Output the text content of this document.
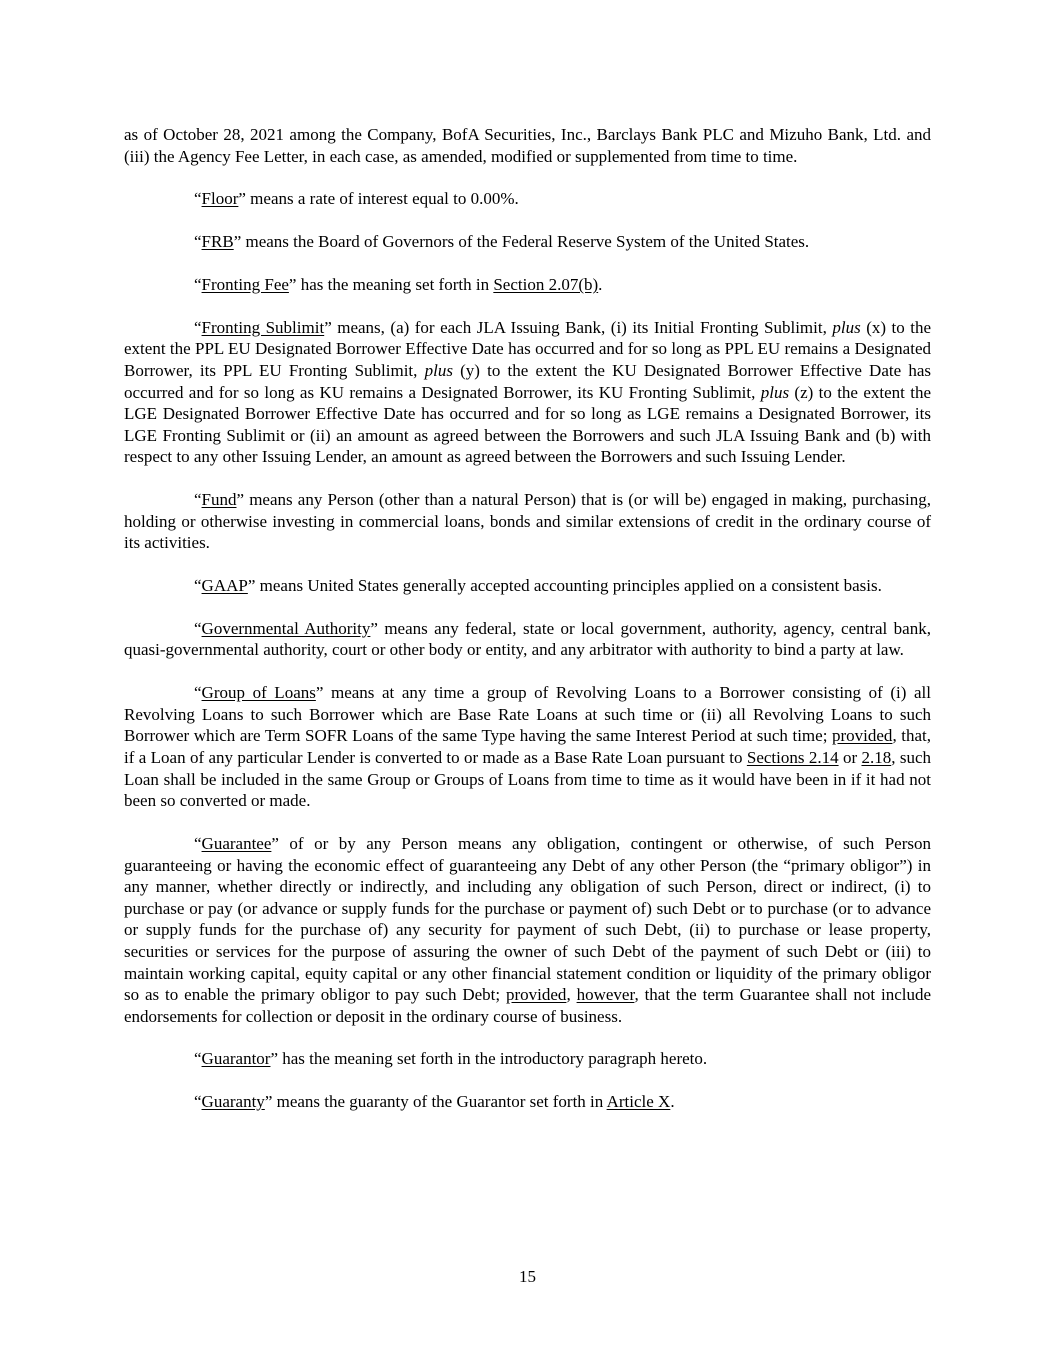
as of October 28, 2021 among the Company, BofA Securities, Inc., Barclays Bank PLC and Mizuho Bank, Ltd. and (iii) the Agency Fee Letter, in each case, as amended, modified or supplemented from time to time.

“Floor” means a rate of interest equal to 0.00%.

“FRB” means the Board of Governors of the Federal Reserve System of the United States.

“Fronting Fee” has the meaning set forth in Section 2.07(b).

“Fronting Sublimit” means, (a) for each JLA Issuing Bank, (i) its Initial Fronting Sublimit, plus (x) to the extent the PPL EU Designated Borrower Effective Date has occurred and for so long as PPL EU remains a Designated Borrower, its PPL EU Fronting Sublimit, plus (y) to the extent the KU Designated Borrower Effective Date has occurred and for so long as KU remains a Designated Borrower, its KU Fronting Sublimit, plus (z) to the extent the LGE Designated Borrower Effective Date has occurred and for so long as LGE remains a Designated Borrower, its LGE Fronting Sublimit or (ii) an amount as agreed between the Borrowers and such JLA Issuing Bank and (b) with respect to any other Issuing Lender, an amount as agreed between the Borrowers and such Issuing Lender.

“Fund” means any Person (other than a natural Person) that is (or will be) engaged in making, purchasing, holding or otherwise investing in commercial loans, bonds and similar extensions of credit in the ordinary course of its activities.

“GAAP” means United States generally accepted accounting principles applied on a consistent basis.

“Governmental Authority” means any federal, state or local government, authority, agency, central bank, quasi-governmental authority, court or other body or entity, and any arbitrator with authority to bind a party at law.

“Group of Loans” means at any time a group of Revolving Loans to a Borrower consisting of (i) all Revolving Loans to such Borrower which are Base Rate Loans at such time or (ii) all Revolving Loans to such Borrower which are Term SOFR Loans of the same Type having the same Interest Period at such time; provided, that, if a Loan of any particular Lender is converted to or made as a Base Rate Loan pursuant to Sections 2.14 or 2.18, such Loan shall be included in the same Group or Groups of Loans from time to time as it would have been in if it had not been so converted or made.

“Guarantee” of or by any Person means any obligation, contingent or otherwise, of such Person guaranteeing or having the economic effect of guaranteeing any Debt of any other Person (the “primary obligor”) in any manner, whether directly or indirectly, and including any obligation of such Person, direct or indirect, (i) to purchase or pay (or advance or supply funds for the purchase or payment of) such Debt or to purchase (or to advance or supply funds for the purchase of) any security for payment of such Debt, (ii) to purchase or lease property, securities or services for the purpose of assuring the owner of such Debt of the payment of such Debt or (iii) to maintain working capital, equity capital or any other financial statement condition or liquidity of the primary obligor so as to enable the primary obligor to pay such Debt; provided, however, that the term Guarantee shall not include endorsements for collection or deposit in the ordinary course of business.

“Guarantor” has the meaning set forth in the introductory paragraph hereto.

“Guaranty” means the guaranty of the Guarantor set forth in Article X.

15
